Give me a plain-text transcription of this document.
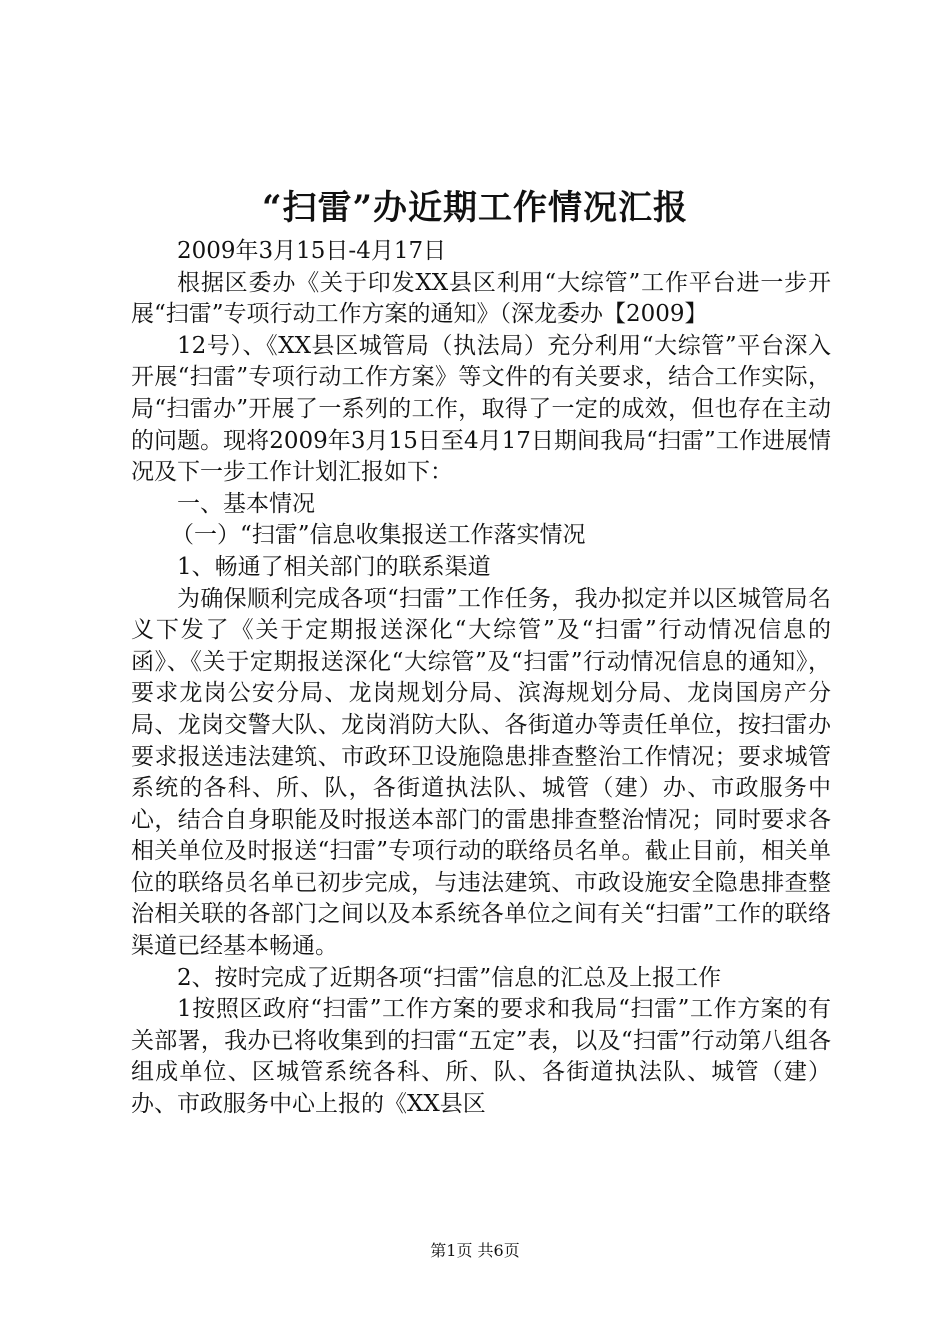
“扫雷”办近期工作情况汇报

2009年3月15日-4月17日

根据区委办《关于印发XX县区利用“大综管”工作平台进一步开展“扫雷”专项行动工作方案的通知》（深龙委办【2009】

12号）、《XX县区城管局（执法局）充分利用“大综管”平台深入开展“扫雷”专项行动工作方案》等文件的有关要求，结合工作实际，局“扫雷办”开展了一系列的工作，取得了一定的成效，但也存在主动的问题。现将2009年3月15日至4月17日期间我局“扫雷”工作进展情况及下一步工作计划汇报如下：

一、基本情况

（一）“扫雷”信息收集报送工作落实情况

1、畅通了相关部门的联系渠道

为确保顺利完成各项“扫雷”工作任务，我办拟定并以区城管局名义下发了《关于定期报送深化“大综管”及“扫雷”行动情况信息的函》、《关于定期报送深化“大综管”及“扫雷”行动情况信息的通知》，要求龙岗公安分局、龙岗规划分局、滨海规划分局、龙岗国房产分局、龙岗交警大队、龙岗消防大队、各街道办等责任单位，按扫雷办要求报送违法建筑、市政环卫设施隐患排查整治工作情况；要求城管系统的各科、所、队，各街道执法队、城管（建）办、市政服务中心，结合自身职能及时报送本部门的雷患排查整治情况；同时要求各相关单位及时报送“扫雷”专项行动的联络员名单。截止目前，相关单位的联络员名单已初步完成，与违法建筑、市政设施安全隐患排查整治相关联的各部门之间以及本系统各单位之间有关“扫雷”工作的联络渠道已经基本畅通。

2、按时完成了近期各项“扫雷”信息的汇总及上报工作

1按照区政府“扫雷”工作方案的要求和我局“扫雷”工作方案的有关部署，我办已将收集到的扫雷“五定”表，以及“扫雷”行动第八组各组成单位、区城管系统各科、所、队、各街道执法队、城管（建）办、市政服务中心上报的《XX县区

第1页 共6页
